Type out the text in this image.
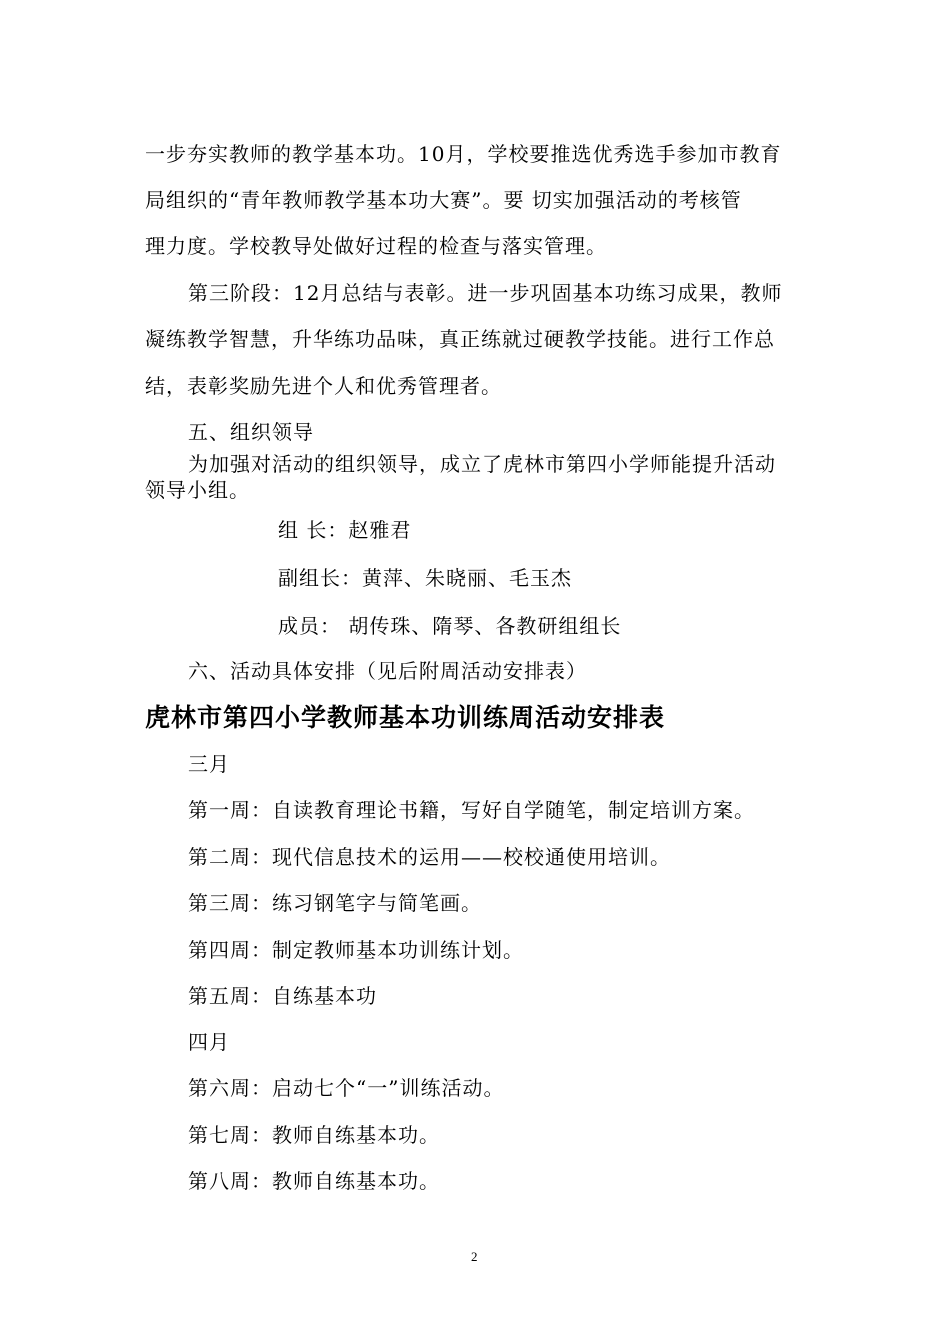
一步夯实教师的教学基本功。10月，学校要推选优秀选手参加市教育
局组织的“青年教师教学基本功大赛”。要 切实加强活动的考核管
理力度。学校教导处做好过程的检查与落实管理。
第三阶段：12月总结与表彰。进一步巩固基本功练习成果，教师
凝练教学智慧，升华练功品味，真正练就过硬教学技能。进行工作总
结，表彰奖励先进个人和优秀管理者。
五、组织领导
为加强对活动的组织领导，成立了虎林市第四小学师能提升活动
领导小组。
组 长：赵雅君
副组长：黄萍、朱晓丽、毛玉杰
成员： 胡传珠、隋琴、各教研组组长
六、活动具体安排（见后附周活动安排表）
虎林市第四小学教师基本功训练周活动安排表
三月
第一周：自读教育理论书籍，写好自学随笔，制定培训方案。
第二周：现代信息技术的运用——校校通使用培训。
第三周：练习钢笔字与简笔画。
第四周：制定教师基本功训练计划。
第五周：自练基本功
四月
第六周：启动七个“一”训练活动。
第七周：教师自练基本功。
第八周：教师自练基本功。
2
